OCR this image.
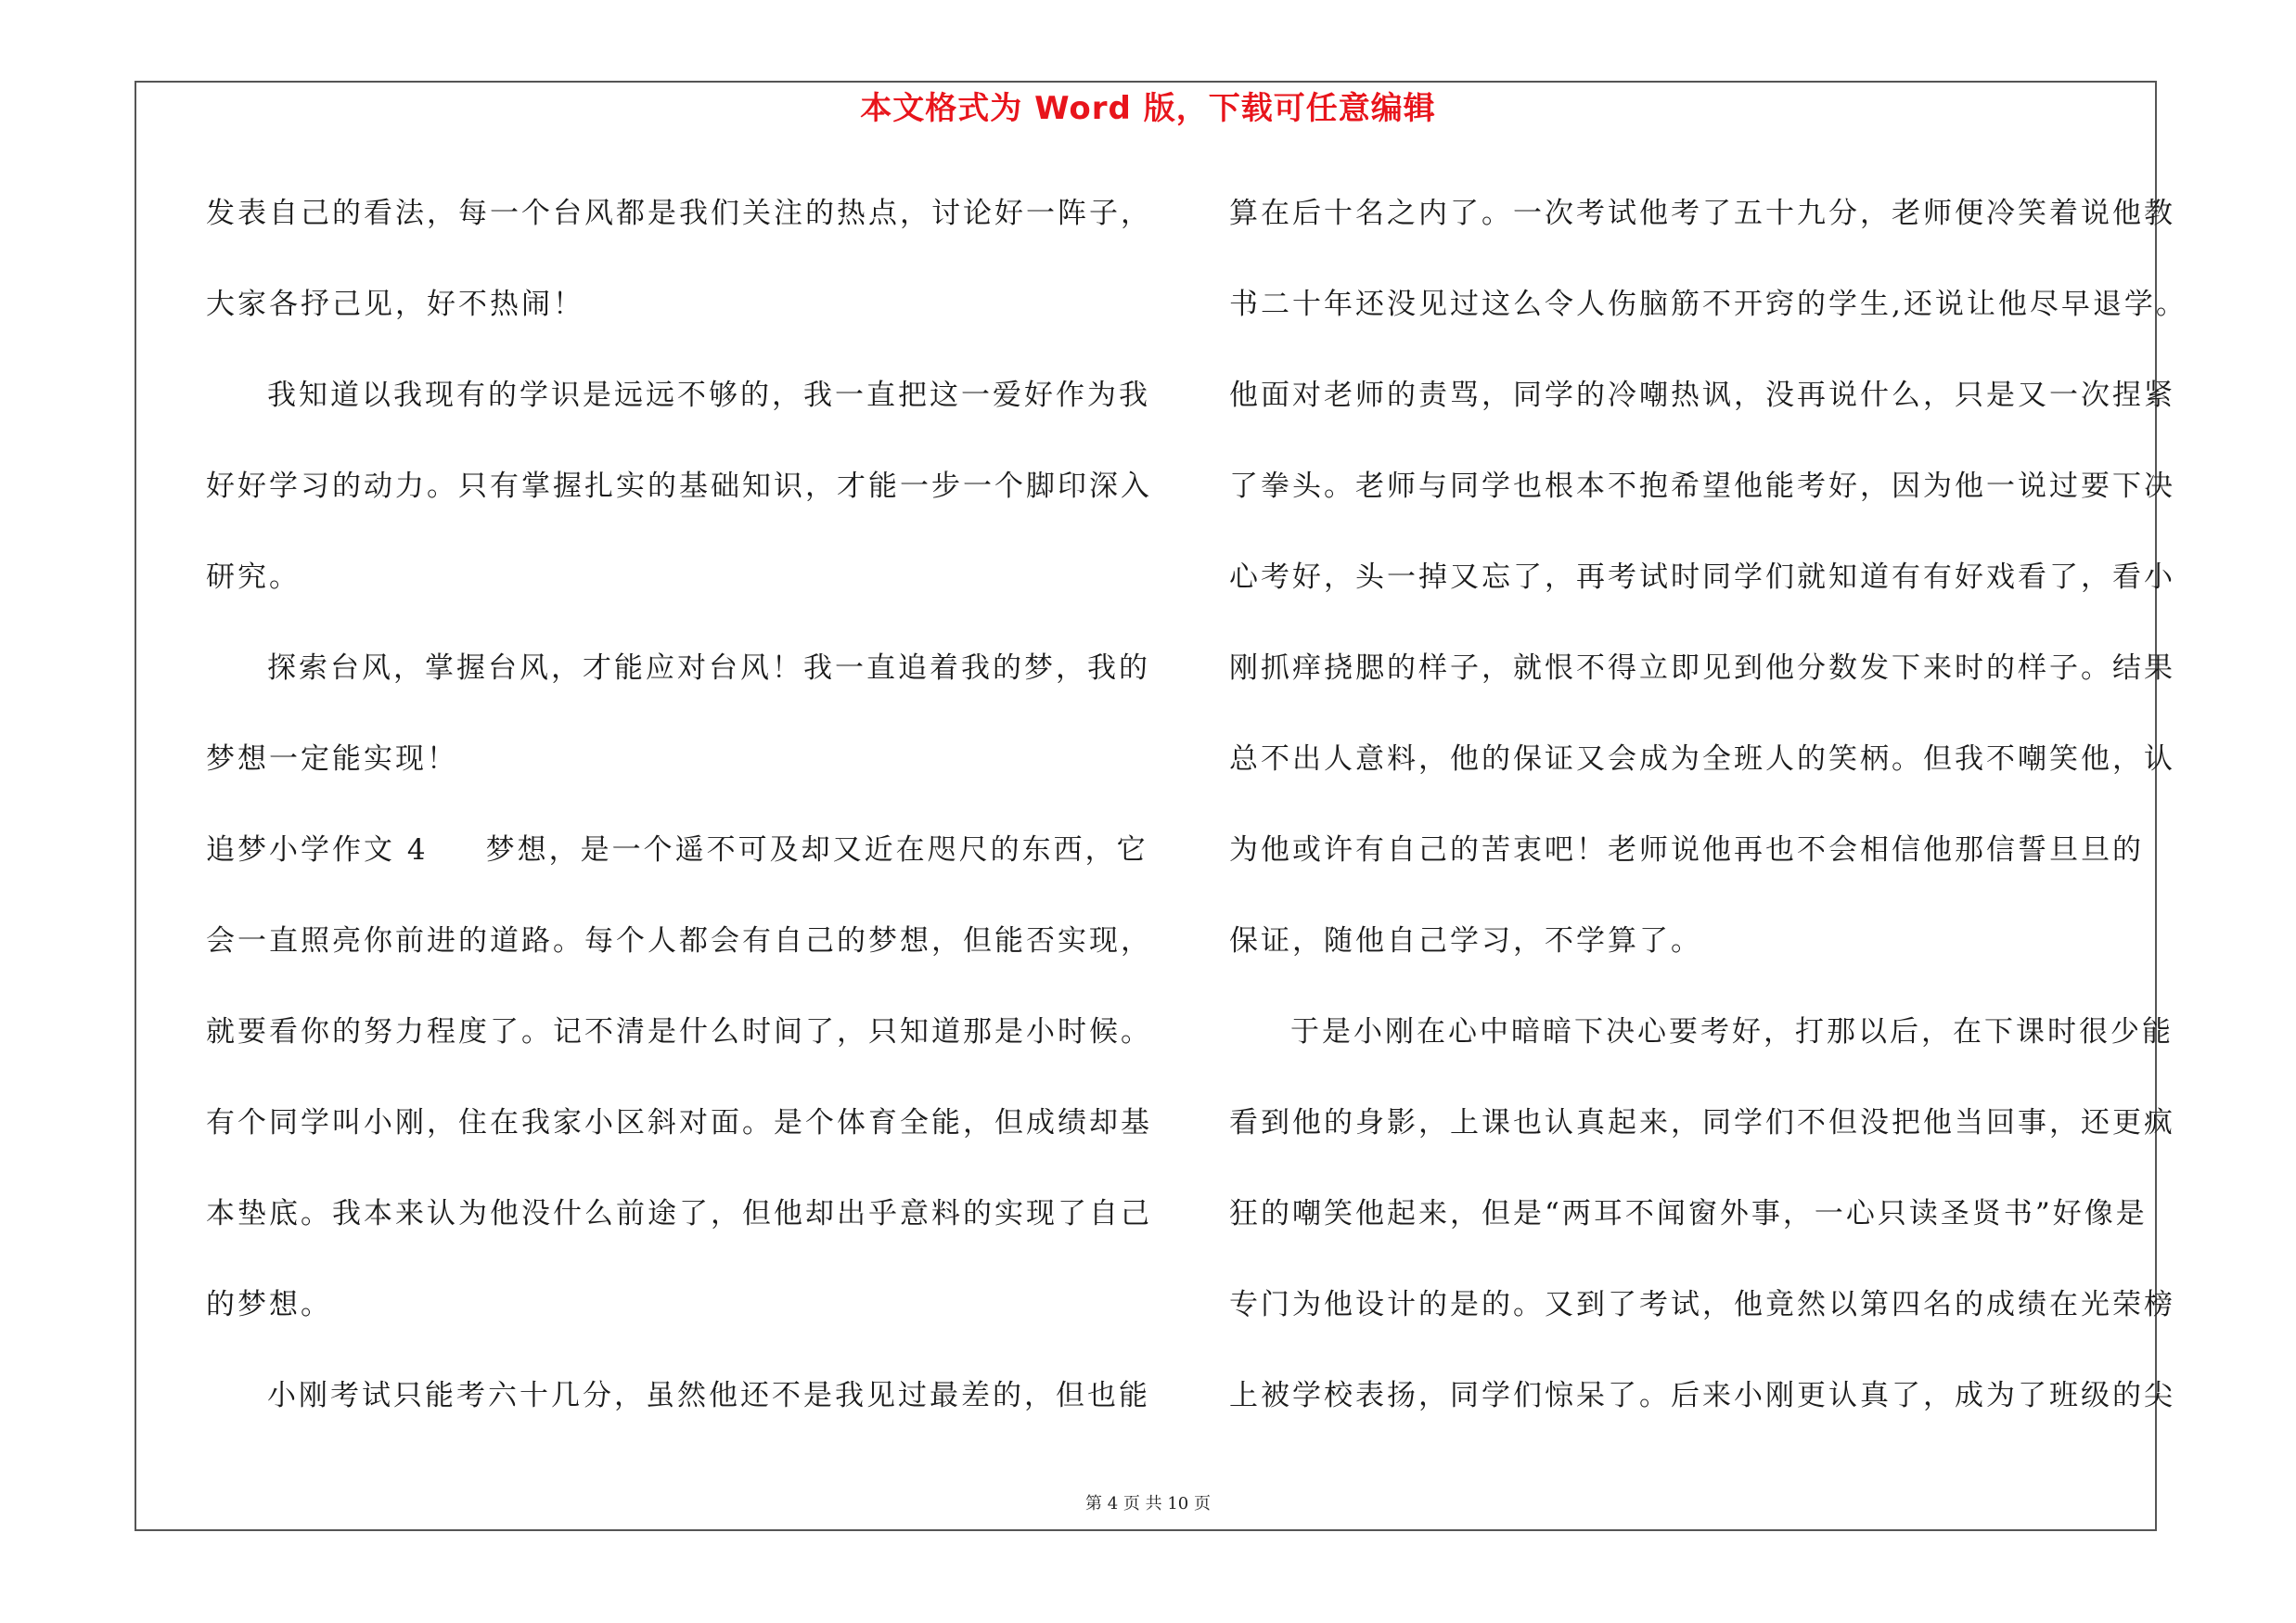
本文格式为 Word 版，下载可任意编辑
发表自己的看法，每一个台风都是我们关注的热点，讨论好一阵子，
大家各抒己见，好不热闹！
我知道以我现有的学识是远远不够的，我一直把这一爱好作为我
好好学习的动力。只有掌握扎实的基础知识，才能一步一个脚印深入
研究。
探索台风，掌握台风，才能应对台风！我一直追着我的梦，我的
梦想一定能实现！
追梦小学作文 4 梦想，是一个遥不可及却又近在咫尺的东西，它
会一直照亮你前进的道路。每个人都会有自己的梦想，但能否实现，
就要看你的努力程度了。记不清是什么时间了，只知道那是小时候。
有个同学叫小刚，住在我家小区斜对面。是个体育全能，但成绩却基
本垫底。我本来认为他没什么前途了，但他却出乎意料的实现了自己
的梦想。
小刚考试只能考六十几分，虽然他还不是我见过最差的，但也能
算在后十名之内了。一次考试他考了五十九分，老师便冷笑着说他教
书二十年还没见过这么令人伤脑筋不开窍的学生,还说让他尽早退学。
他面对老师的责骂，同学的冷嘲热讽，没再说什么，只是又一次捏紧
了拳头。老师与同学也根本不抱希望他能考好，因为他一说过要下决
心考好，头一掉又忘了，再考试时同学们就知道有有好戏看了，看小
刚抓痒挠腮的样子，就恨不得立即见到他分数发下来时的样子。结果
总不出人意料，他的保证又会成为全班人的笑柄。但我不嘲笑他，认
为他或许有自己的苦衷吧！老师说他再也不会相信他那信誓旦旦的
保证，随他自己学习，不学算了。
于是小刚在心中暗暗下决心要考好，打那以后，在下课时很少能
看到他的身影，上课也认真起来，同学们不但没把他当回事，还更疯
狂的嘲笑他起来，但是“两耳不闻窗外事，一心只读圣贤书”好像是
专门为他设计的是的。又到了考试，他竟然以第四名的成绩在光荣榜
上被学校表扬，同学们惊呆了。后来小刚更认真了，成为了班级的尖
第 4 页 共 10 页
